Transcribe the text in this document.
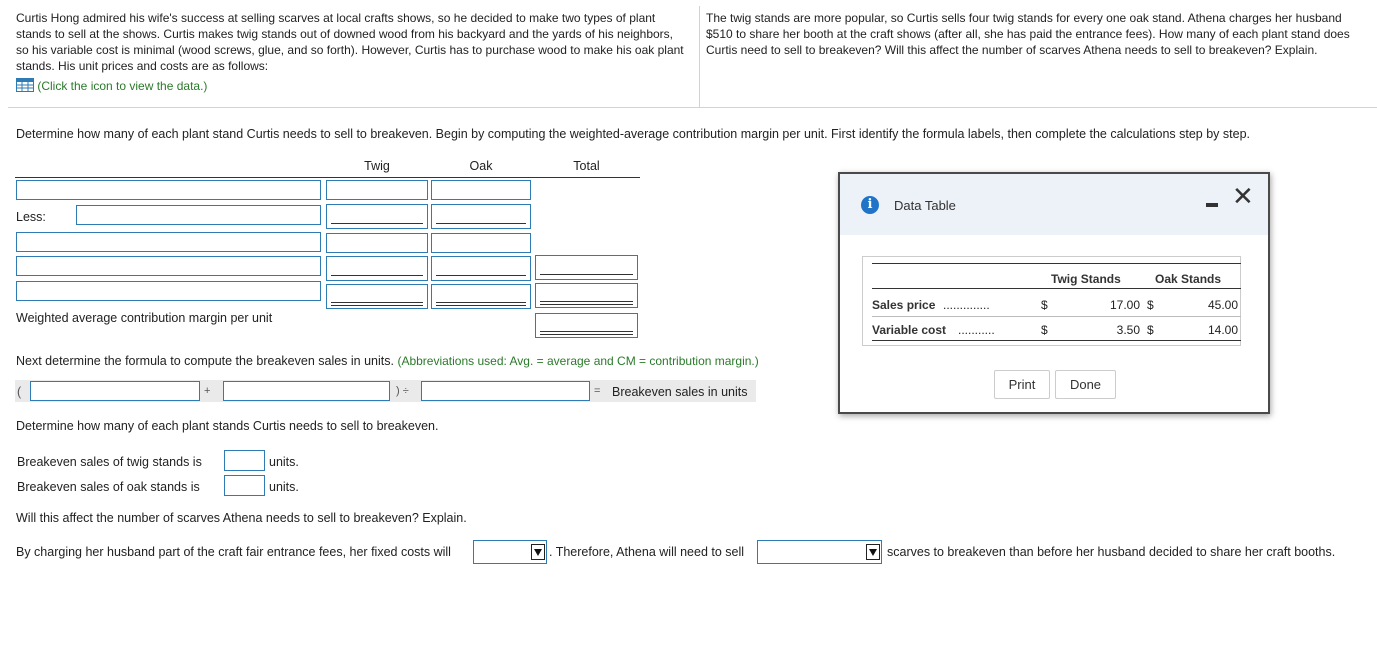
Curtis Hong admired his wife's success at selling scarves at local crafts shows, so he decided to make two types of plant stands to sell at the shows. Curtis makes twig stands out of downed wood from his backyard and the yards of his neighbors, so his variable cost is minimal (wood screws, glue, and so forth). However, Curtis has to purchase wood to make his oak plant stands. His unit prices and costs are as follows:
(Click the icon to view the data.)
The twig stands are more popular, so Curtis sells four twig stands for every one oak stand. Athena charges her husband $510 to share her booth at the craft shows (after all, she has paid the entrance fees). How many of each plant stand does Curtis need to sell to breakeven? Will this affect the number of scarves Athena needs to sell to breakeven? Explain.
Determine how many of each plant stand Curtis needs to sell to breakeven. Begin by computing the weighted-average contribution margin per unit. First identify the formula labels, then complete the calculations step by step.
Twig	Oak	Total
Less:
Weighted average contribution margin per unit
Next determine the formula to compute the breakeven sales in units. (Abbreviations used: Avg. = average and CM = contribution margin.)
(	+	) ÷	= Breakeven sales in units
Determine how many of each plant stands Curtis needs to sell to breakeven.
Breakeven sales of twig stands is	units.
Breakeven sales of oak stands is	units.
Will this affect the number of scarves Athena needs to sell to breakeven? Explain.
By charging her husband part of the craft fair entrance fees, her fixed costs will	. Therefore, Athena will need to sell	scarves to breakeven than before her husband decided to share her craft booths.
i	Data Table	✕
Twig Stands	Oak Stands
Sales price ..............	$	17.00 $	45.00
Variable cost ...........	$	3.50 $	14.00
Print	Done
